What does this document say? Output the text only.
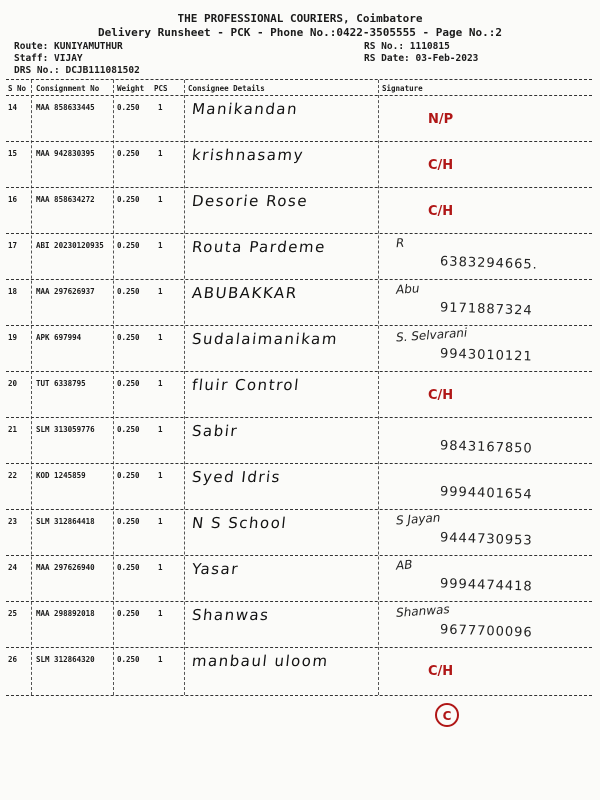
THE PROFESSIONAL COURIERS, Coimbatore
Delivery Runsheet - PCK - Phone No.:0422-3505555 - Page No.:2
Route: KUNIYAMUTHUR
Staff: VIJAY
DRS No.: DCJB111081502
RS No.: 1110815
RS Date: 03-Feb-2023
S No Consignment No Weight PCS	Consignee Details	Signature
14	MAA 858633445	0.250 1 Manikandan
N/P
15	MAA 942830395	0.250 1 krishnasamy
C/H
16	MAA 858634272	0.250 1 Desorie Rose
C/H
17	ABI 20230120935 0.250 1 Routa Pardeme	R
6383294665.
18	MAA 297626937	0.250 1 ABUBAKKAR	Abu
9171887324
19	APK 697994	0.250 1 Sudalaimanikam	S. Selvarani
9943010121
20	TUT 6338795	0.250 1 fluir Control
C/H
21	SLM 313059776	0.250 1 Sabir
9843167850
22	KOD 1245859	0.250 1 Syed Idris
9994401654
23	SLM 312864418	0.250 1 N S School	S Jayan
9444730953
24	MAA 297626940	0.250 1 Yasar	AB
9994474418
25	MAA 298892018	0.250 1 Shanwas	Shanwas
9677700096
26	SLM 312864320	0.250 1 manbaul uloom
C/H
C
